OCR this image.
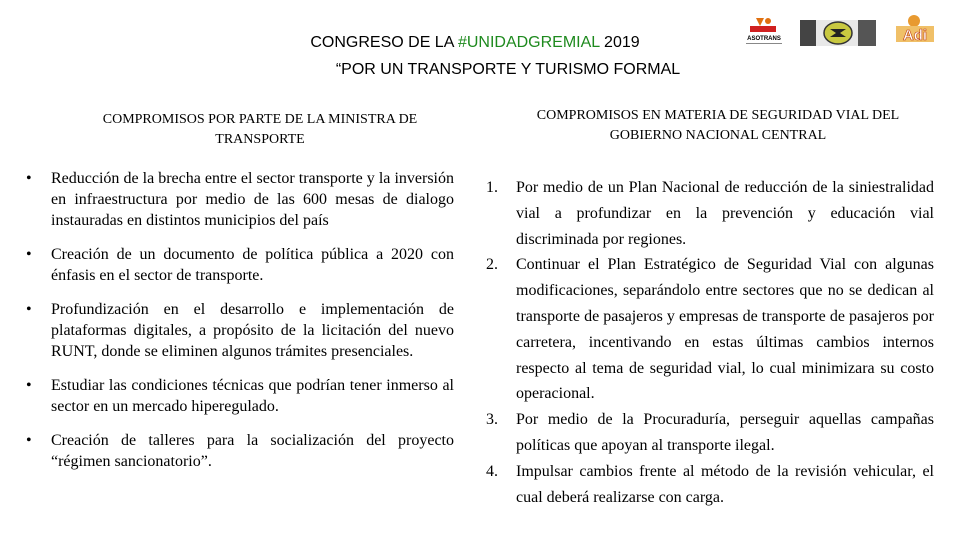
CONGRESO DE LA #UNIDADGREMIAL 2019
“POR UN TRANSPORTE Y TURISMO FORMAL
ASOTRANS	Adi
COMPROMISOS POR PARTE DE LA MINISTRA DE TRANSPORTE
COMPROMISOS EN MATERIA DE SEGURIDAD VIAL DEL GOBIERNO NACIONAL CENTRAL
• Reducción de la brecha entre el sector transporte y la inversión en infraestructura por medio de las 600 mesas de dialogo instauradas en distintos municipios del país
• Creación de un documento de política pública a 2020 con énfasis en el sector de transporte.
• Profundización en el desarrollo e implementación de plataformas digitales, a propósito de la licitación del nuevo RUNT, donde se eliminen algunos trámites presenciales.
• Estudiar las condiciones técnicas que podrían tener inmerso al sector en un mercado hiperegulado.
• Creación de talleres para la socialización del proyecto “régimen sancionatorio”.
1. Por medio de un Plan Nacional de reducción de la siniestralidad vial a profundizar en la prevención y educación vial discriminada por regiones.
2. Continuar el Plan Estratégico de Seguridad Vial con algunas modificaciones, separándolo entre sectores que no se dedican al transporte de pasajeros y empresas de transporte de pasajeros por carretera, incentivando en estas últimas cambios internos respecto al tema de seguridad vial, lo cual minimizara su costo operacional.
3. Por medio de la Procuraduría, perseguir aquellas campañas políticas que apoyan al transporte ilegal.
4. Impulsar cambios frente al método de la revisión vehicular, el cual deberá realizarse con carga.
